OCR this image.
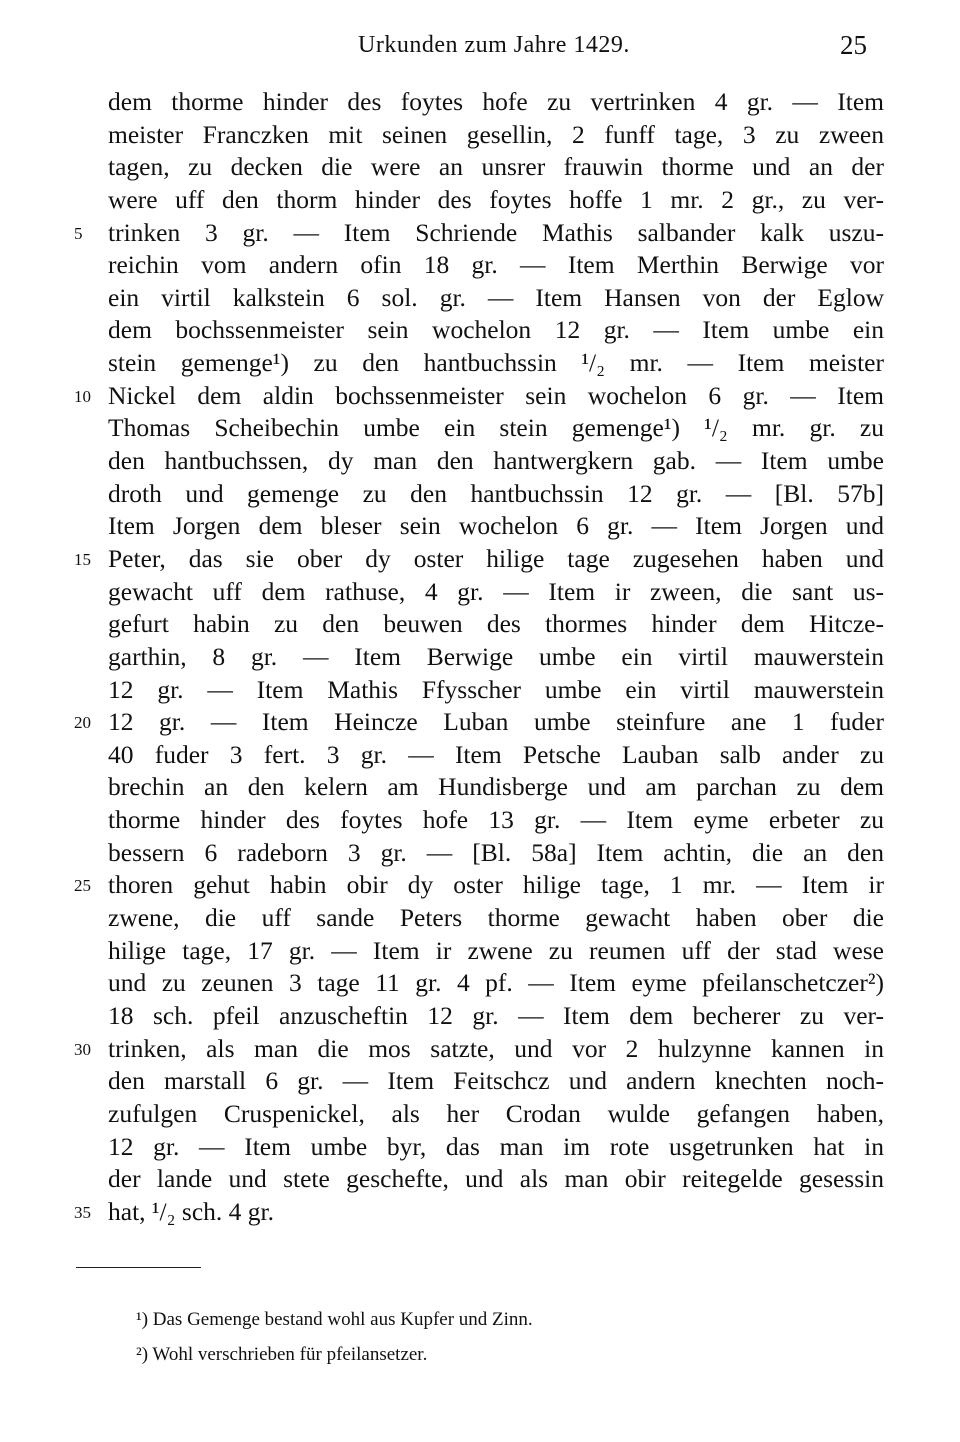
Urkunden zum Jahre 1429.	25
dem thorme hinder des foytes hofe zu vertrinken 4 gr. — Item
meister Franczken mit seinen gesellin, 2 funff tage, 3 zu zween
tagen, zu decken die were an unsrer frauwin thorme und an der
were uff den thorm hinder des foytes hoffe 1 mr. 2 gr., zu ver-
5	trinken 3 gr. — Item Schriende Mathis salbander kalk uszu-
reichin vom andern ofin 18 gr. — Item Merthin Berwige vor
ein virtil kalkstein 6 sol. gr. — Item Hansen von der Eglow
dem bochssenmeister sein wochelon 12 gr. — Item umbe ein
stein gemenge¹) zu den hantbuchssin ¹/₂ mr. — Item meister
10 Nickel dem aldin bochssenmeister sein wochelon 6 gr. — Item
Thomas Scheibechin umbe ein stein gemenge¹) ¹/₂ mr. gr. zu
den hantbuchssen, dy man den hantwergkern gab. — Item umbe
droth und gemenge zu den hantbuchssin 12 gr. — [Bl. 57b]
Item Jorgen dem bleser sein wochelon 6 gr. — Item Jorgen und
15 Peter, das sie ober dy oster hilige tage zugesehen haben und
gewacht uff dem rathuse, 4 gr. — Item ir zween, die sant us-
gefurt habin zu den beuwen des thormes hinder dem Hitcze-
garthin, 8 gr. — Item Berwige umbe ein virtil mauwerstein
12 gr. — Item Mathis Ffysscher umbe ein virtil mauwerstein
20 12 gr. — Item Heincze Luban umbe steinfure ane 1 fuder
40 fuder 3 fert. 3 gr. — Item Petsche Lauban salb ander zu
brechin an den kelern am Hundisberge und am parchan zu dem
thorme hinder des foytes hofe 13 gr. — Item eyme erbeter zu
bessern 6 radeborn 3 gr. — [Bl. 58a] Item achtin, die an den
25 thoren gehut habin obir dy oster hilige tage, 1 mr. — Item ir
zwene, die uff sande Peters thorme gewacht haben ober die
hilige tage, 17 gr. — Item ir zwene zu reumen uff der stad wese
und zu zeunen 3 tage 11 gr. 4 pf. — Item eyme pfeilanschetczer²)
18 sch. pfeil anzuscheftin 12 gr. — Item dem becherer zu ver-
30 trinken, als man die mos satzte, und vor 2 hulzynne kannen in
den marstall 6 gr. — Item Feitschcz und andern knechten noch-
zufulgen Cruspenickel, als her Crodan wulde gefangen haben,
12 gr. — Item umbe byr, das man im rote usgetrunken hat in
der lande und stete geschefte, und als man obir reitegelde gesessin
35 hat, ¹/₂ sch. 4 gr.
¹) Das Gemenge bestand wohl aus Kupfer und Zinn.
²) Wohl verschrieben für pfeilansetzer.
